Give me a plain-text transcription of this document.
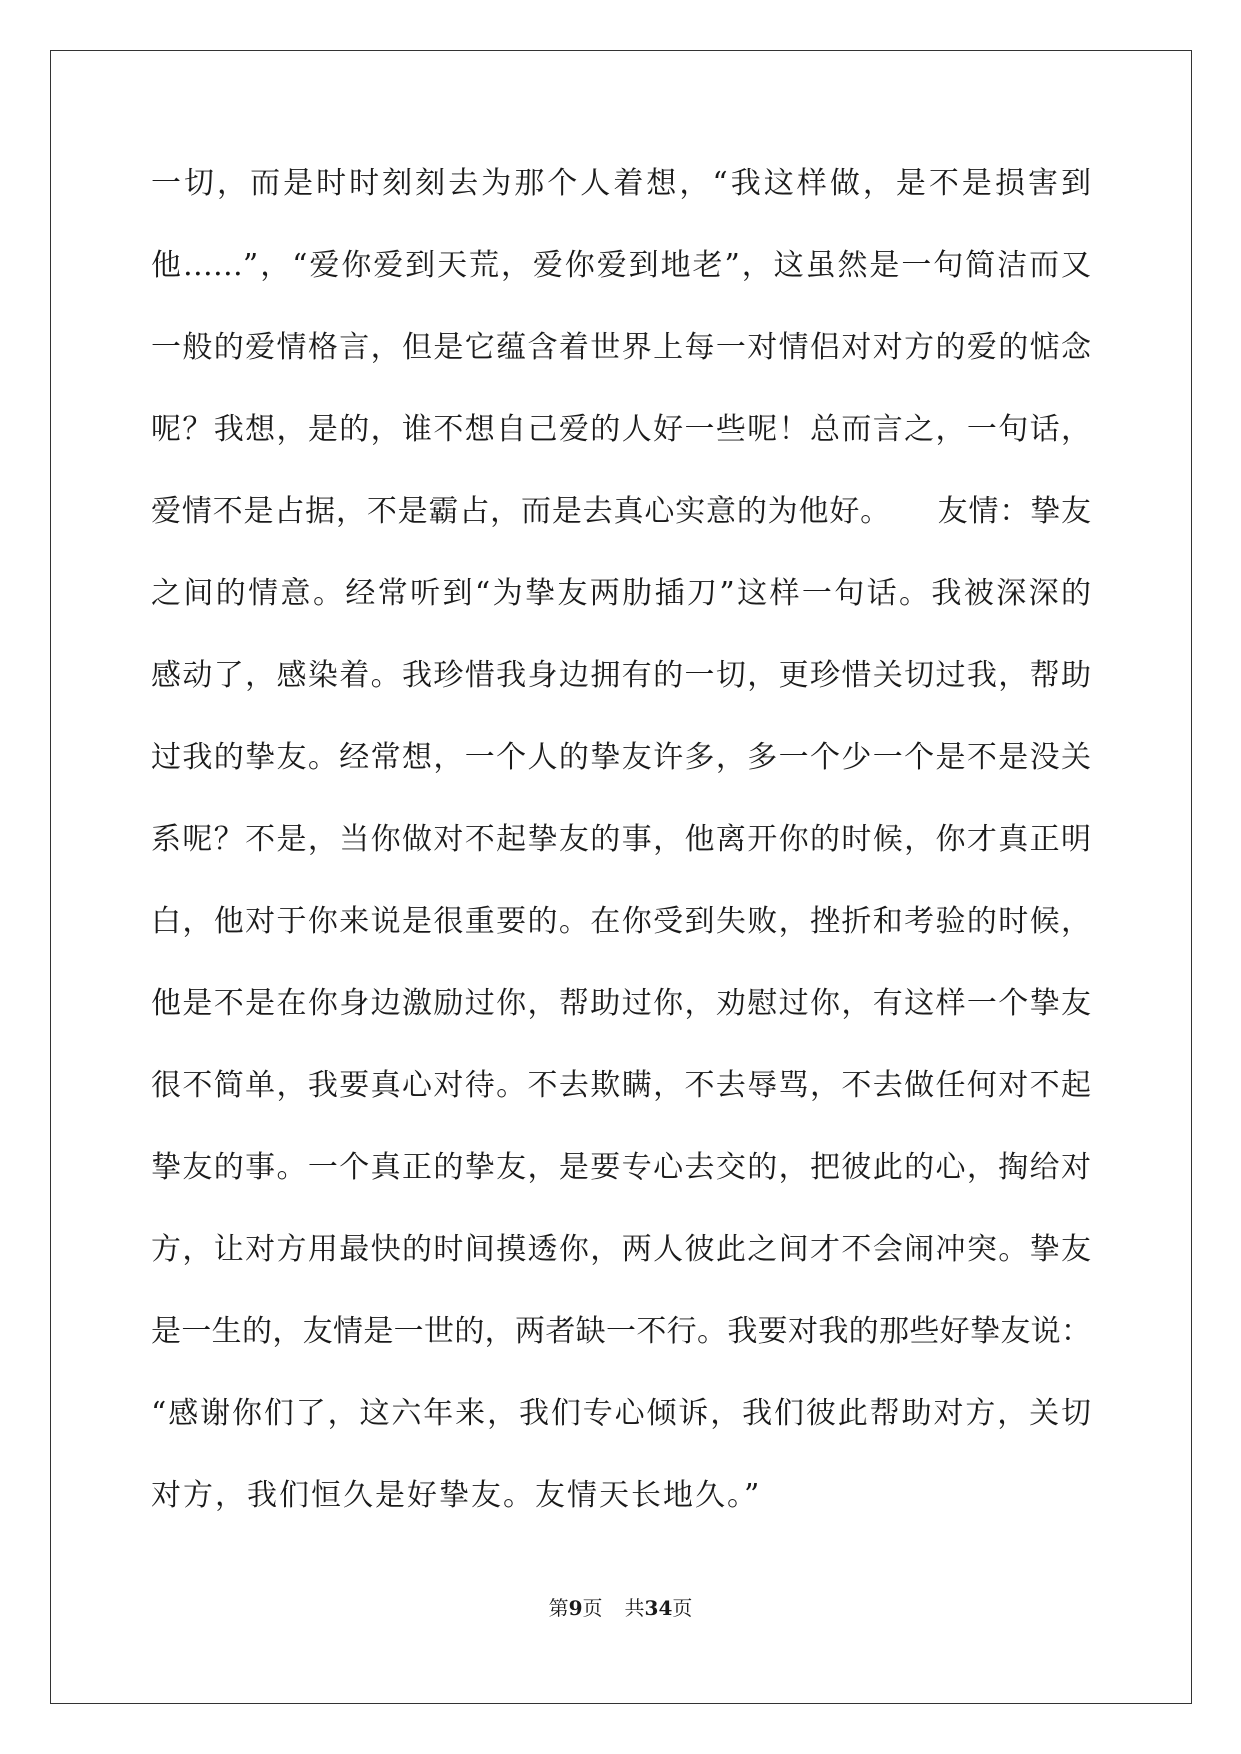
一切，而是时时刻刻去为那个人着想，“我这样做，是不是损害到
他……”，“爱你爱到天荒，爱你爱到地老”，这虽然是一句简洁而又
一般的爱情格言，但是它蕴含着世界上每一对情侣对对方的爱的惦念
呢？我想，是的，谁不想自己爱的人好一些呢！总而言之，一句话，
爱情不是占据，不是霸占，而是去真心实意的为他好。　　友情：挚友
之间的情意。经常听到“为挚友两肋插刀”这样一句话。我被深深的
感动了，感染着。我珍惜我身边拥有的一切，更珍惜关切过我，帮助
过我的挚友。经常想，一个人的挚友许多，多一个少一个是不是没关
系呢？不是，当你做对不起挚友的事，他离开你的时候，你才真正明
白，他对于你来说是很重要的。在你受到失败，挫折和考验的时候，
他是不是在你身边激励过你，帮助过你，劝慰过你，有这样一个挚友
很不简单，我要真心对待。不去欺瞒，不去辱骂，不去做任何对不起
挚友的事。一个真正的挚友，是要专心去交的，把彼此的心，掏给对
方，让对方用最快的时间摸透你，两人彼此之间才不会闹冲突。挚友
是一生的，友情是一世的，两者缺一不行。我要对我的那些好挚友说：
“感谢你们了，这六年来，我们专心倾诉，我们彼此帮助对方，关切
对方，我们恒久是好挚友。友情天长地久。”
第9页 共34页
